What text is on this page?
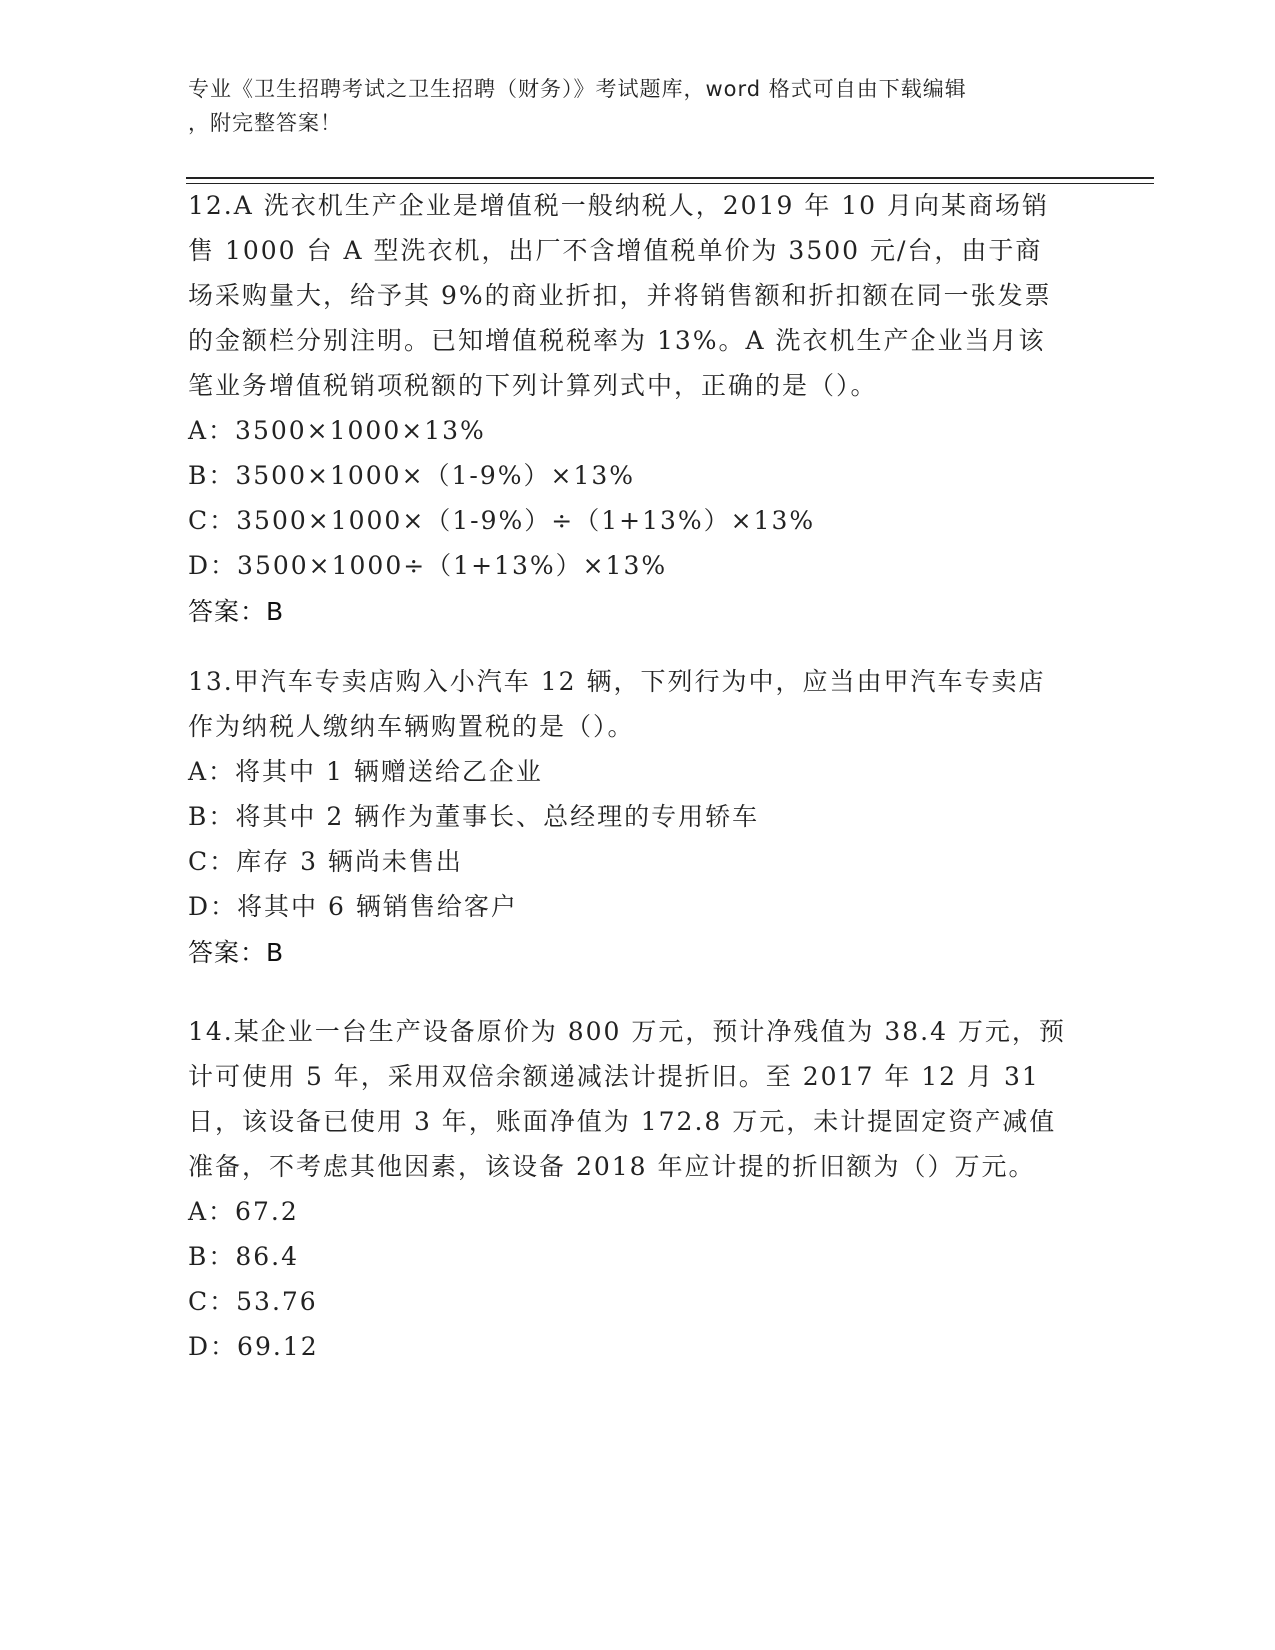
专业《卫生招聘考试之卫生招聘（财务）》考试题库，word 格式可自由下载编辑
，附完整答案！

12.A 洗衣机生产企业是增值税一般纳税人，2019 年 10 月向某商场销售 1000 台 A 型洗衣机，出厂不含增值税单价为 3500 元/台，由于商场采购量大，给予其 9%的商业折扣，并将销售额和折扣额在同一张发票的金额栏分别注明。已知增值税税率为 13%。A 洗衣机生产企业当月该笔业务增值税销项税额的下列计算列式中，正确的是（）。

A：3500×1000×13%

B：3500×1000×（1-9%）×13%

C：3500×1000×（1-9%）÷（1+13%）×13%

D：3500×1000÷（1+13%）×13%

答案：B

13.甲汽车专卖店购入小汽车 12 辆，下列行为中，应当由甲汽车专卖店作为纳税人缴纳车辆购置税的是（）。

A：将其中 1 辆赠送给乙企业

B：将其中 2 辆作为董事长、总经理的专用轿车

C：库存 3 辆尚未售出

D：将其中 6 辆销售给客户

答案：B

14.某企业一台生产设备原价为 800 万元，预计净残值为 38.4 万元，预计可使用 5 年，采用双倍余额递减法计提折旧。至 2017 年 12 月 31 日，该设备已使用 3 年，账面净值为 172.8 万元，未计提固定资产减值准备，不考虑其他因素，该设备 2018 年应计提的折旧额为（）万元。

A：67.2

B：86.4

C：53.76

D：69.12
